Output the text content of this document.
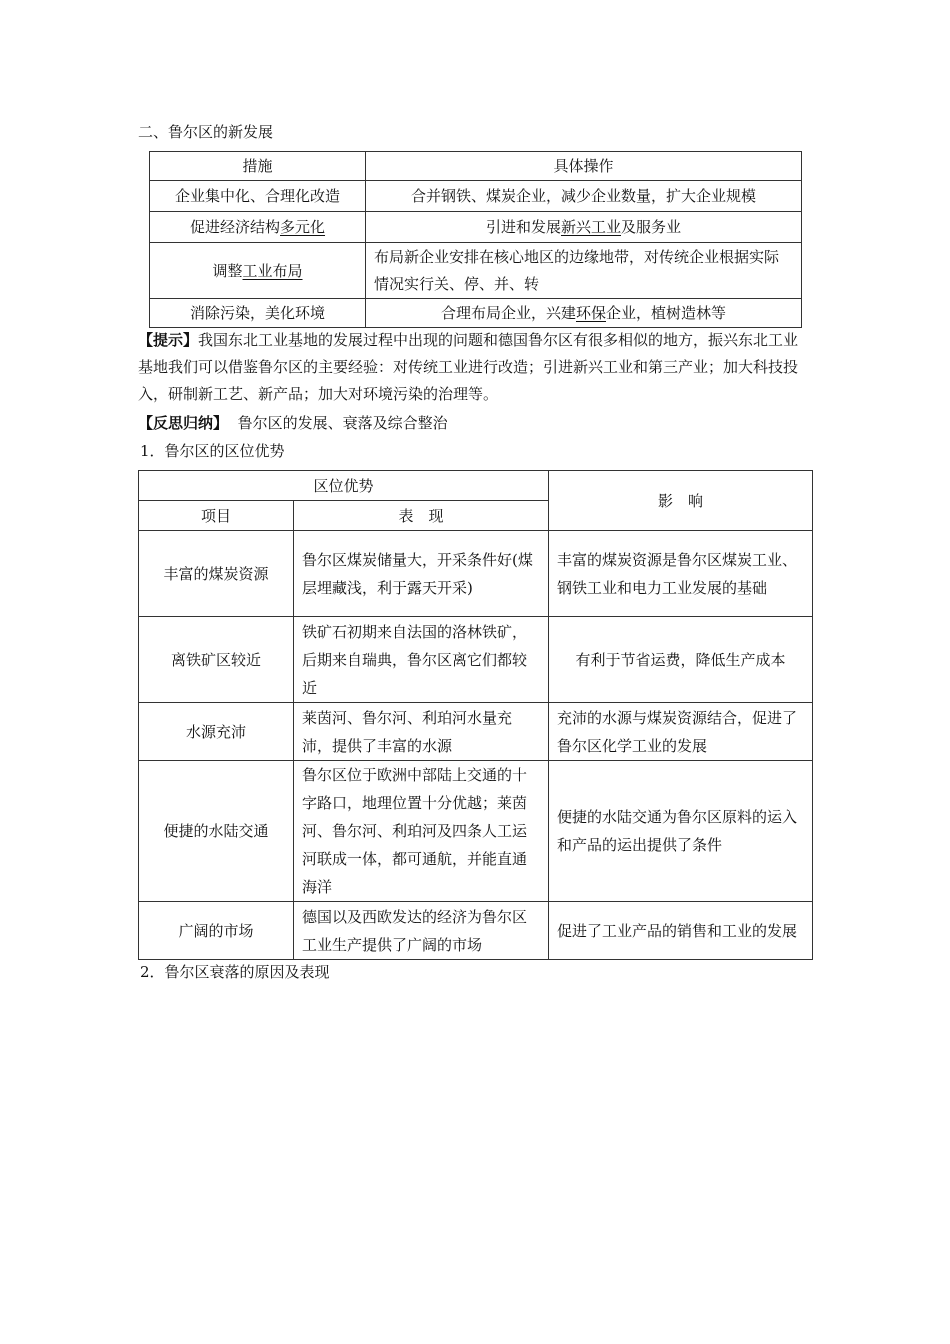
二、鲁尔区的新发展
措施	具体操作
企业集中化、合理化改造	合并钢铁、煤炭企业，减少企业数量，扩大企业规模
促进经济结构多元化	引进和发展新兴工业及服务业
调整工业布局	布局新企业安排在核心地区的边缘地带，对传统企业根据实际情况实行关、停、并、转
消除污染，美化环境	合理布局企业，兴建环保企业，植树造林等
【提示】我国东北工业基地的发展过程中出现的问题和德国鲁尔区有很多相似的地方，振兴东北工业基地我们可以借鉴鲁尔区的主要经验：对传统工业进行改造；引进新兴工业和第三产业；加大科技投入，研制新工艺、新产品；加大对环境污染的治理等。
【反思归纳】 鲁尔区的发展、衰落及综合整治
1．鲁尔区的区位优势
区位优势		影　响
项目	表　现	
丰富的煤炭资源	鲁尔区煤炭储量大，开采条件好(煤层埋藏浅，利于露天开采)	丰富的煤炭资源是鲁尔区煤炭工业、钢铁工业和电力工业发展的基础
离铁矿区较近	铁矿石初期来自法国的洛林铁矿，后期来自瑞典，鲁尔区离它们都较近	有利于节省运费，降低生产成本
水源充沛	莱茵河、鲁尔河、利珀河水量充沛，提供了丰富的水源	充沛的水源与煤炭资源结合，促进了鲁尔区化学工业的发展
便捷的水陆交通	鲁尔区位于欧洲中部陆上交通的十字路口，地理位置十分优越；莱茵河、鲁尔河、利珀河及四条人工运河联成一体，都可通航，并能直通海洋	便捷的水陆交通为鲁尔区原料的运入和产品的运出提供了条件
广阔的市场	德国以及西欧发达的经济为鲁尔区工业生产提供了广阔的市场	促进了工业产品的销售和工业的发展
2．鲁尔区衰落的原因及表现
